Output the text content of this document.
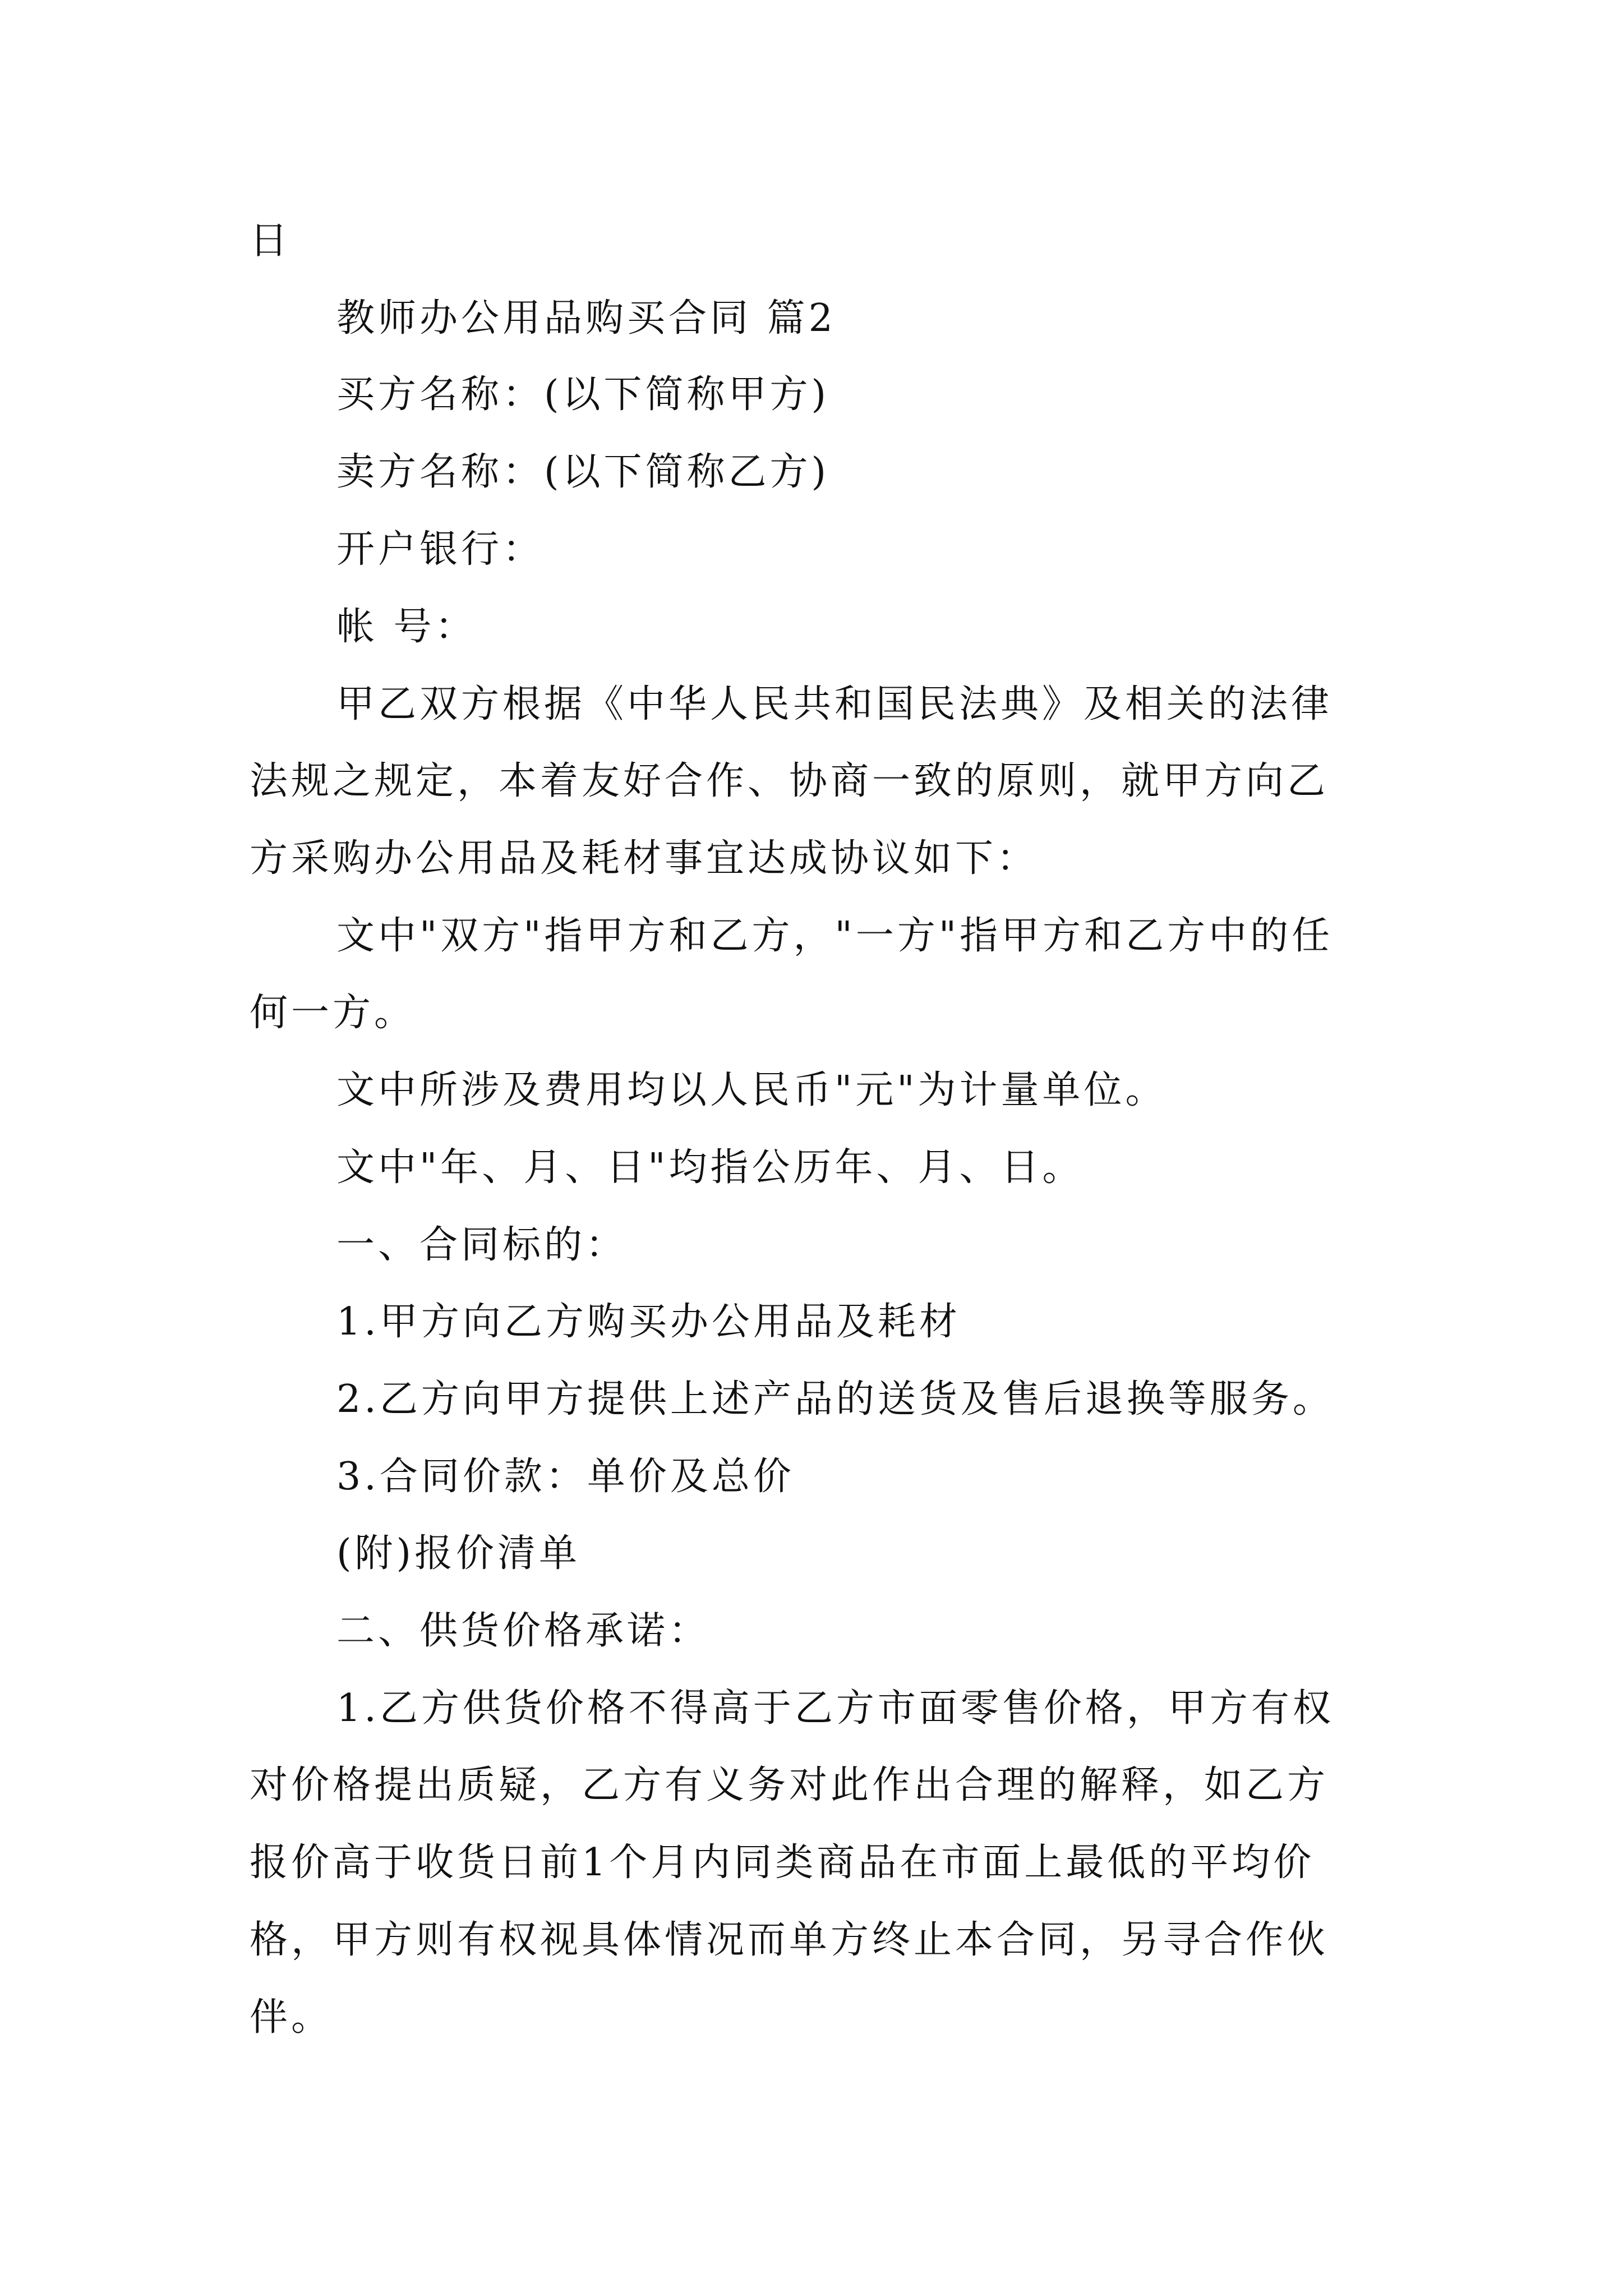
日

教师办公用品购买合同 篇2

买方名称：(以下简称甲方)

卖方名称：(以下简称乙方)

开户银行：

帐 号：

甲乙双方根据《中华人民共和国民法典》及相关的法律

法规之规定，本着友好合作、协商一致的原则，就甲方向乙

方采购办公用品及耗材事宜达成协议如下：

文中"双方"指甲方和乙方，"一方"指甲方和乙方中的任

何一方。

文中所涉及费用均以人民币"元"为计量单位。

文中"年、月、日"均指公历年、月、日。

一、合同标的：

1.甲方向乙方购买办公用品及耗材

2.乙方向甲方提供上述产品的送货及售后退换等服务。

3.合同价款：单价及总价

(附)报价清单

二、供货价格承诺：

1.乙方供货价格不得高于乙方市面零售价格，甲方有权

对价格提出质疑，乙方有义务对此作出合理的解释，如乙方

报价高于收货日前1个月内同类商品在市面上最低的平均价

格，甲方则有权视具体情况而单方终止本合同，另寻合作伙

伴。
